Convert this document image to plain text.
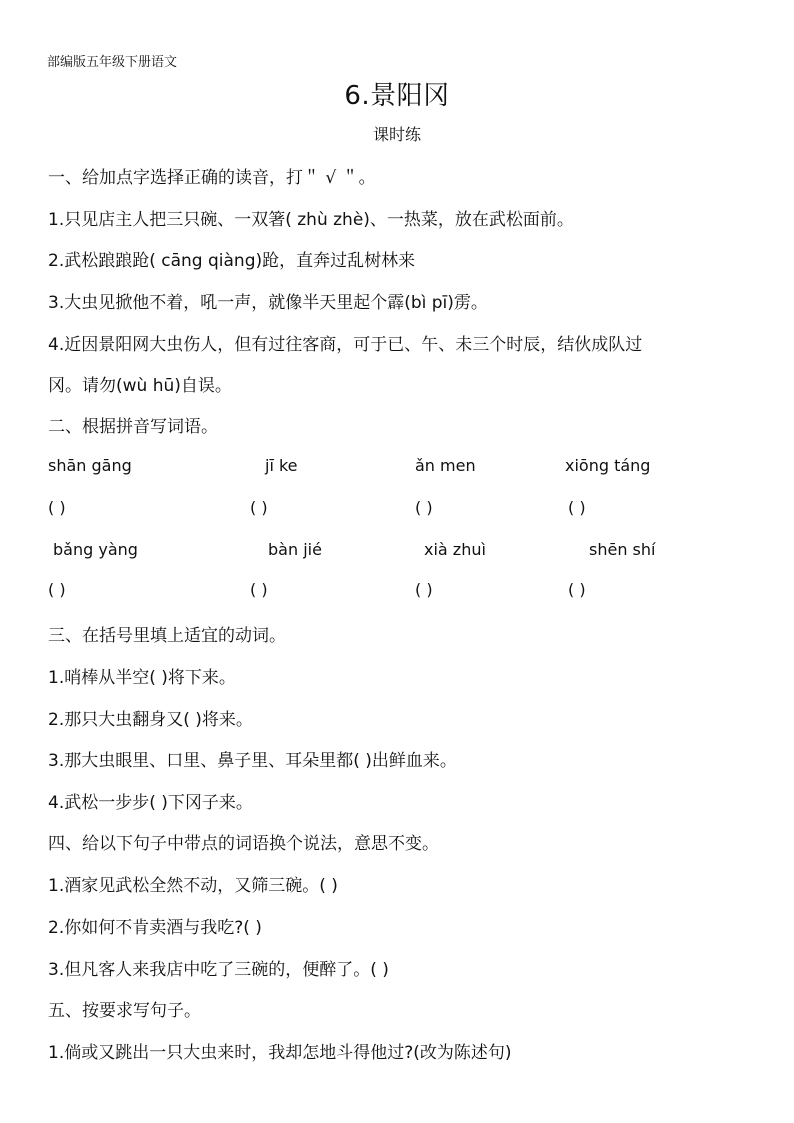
部编版五年级下册语文
6.景阳冈
课时练
一、给加点字选择正确的读音，打＂ √ ＂。
1.只见店主人把三只碗、一双箸( zhù zhè)、一热菜，放在武松面前。
2.武松踉踉跄( cāng qiàng)跄，直奔过乱树林来
3.大虫见掀他不着，吼一声，就像半天里起个霹(bì pī)雳。
4.近因景阳网大虫伤人，但有过往客商，可于已、午、未三个时辰，结伙成队过
冈。请勿(wù hū)自误。
二、根据拼音写词语。
shān gāng	jī ke	ǎn men	xiōng táng
( )	( )	( )	( )
bǎng yàng	bàn jié	xià zhuì	shēn shí
( )	( )	( )	( )
三、在括号里填上适宜的动词。
1.哨棒从半空( )将下来。
2.那只大虫翻身又( )将来。
3.那大虫眼里、口里、鼻子里、耳朵里都( )出鲜血来。
4.武松一步步( )下冈子来。
四、给以下句子中带点的词语换个说法，意思不变。
1.酒家见武松全然不动，又筛三碗。( )
2.你如何不肯卖酒与我吃?( )
3.但凡客人来我店中吃了三碗的，便醉了。( )
五、按要求写句子。
1.倘或又跳出一只大虫来时，我却怎地斗得他过?(改为陈述句)
